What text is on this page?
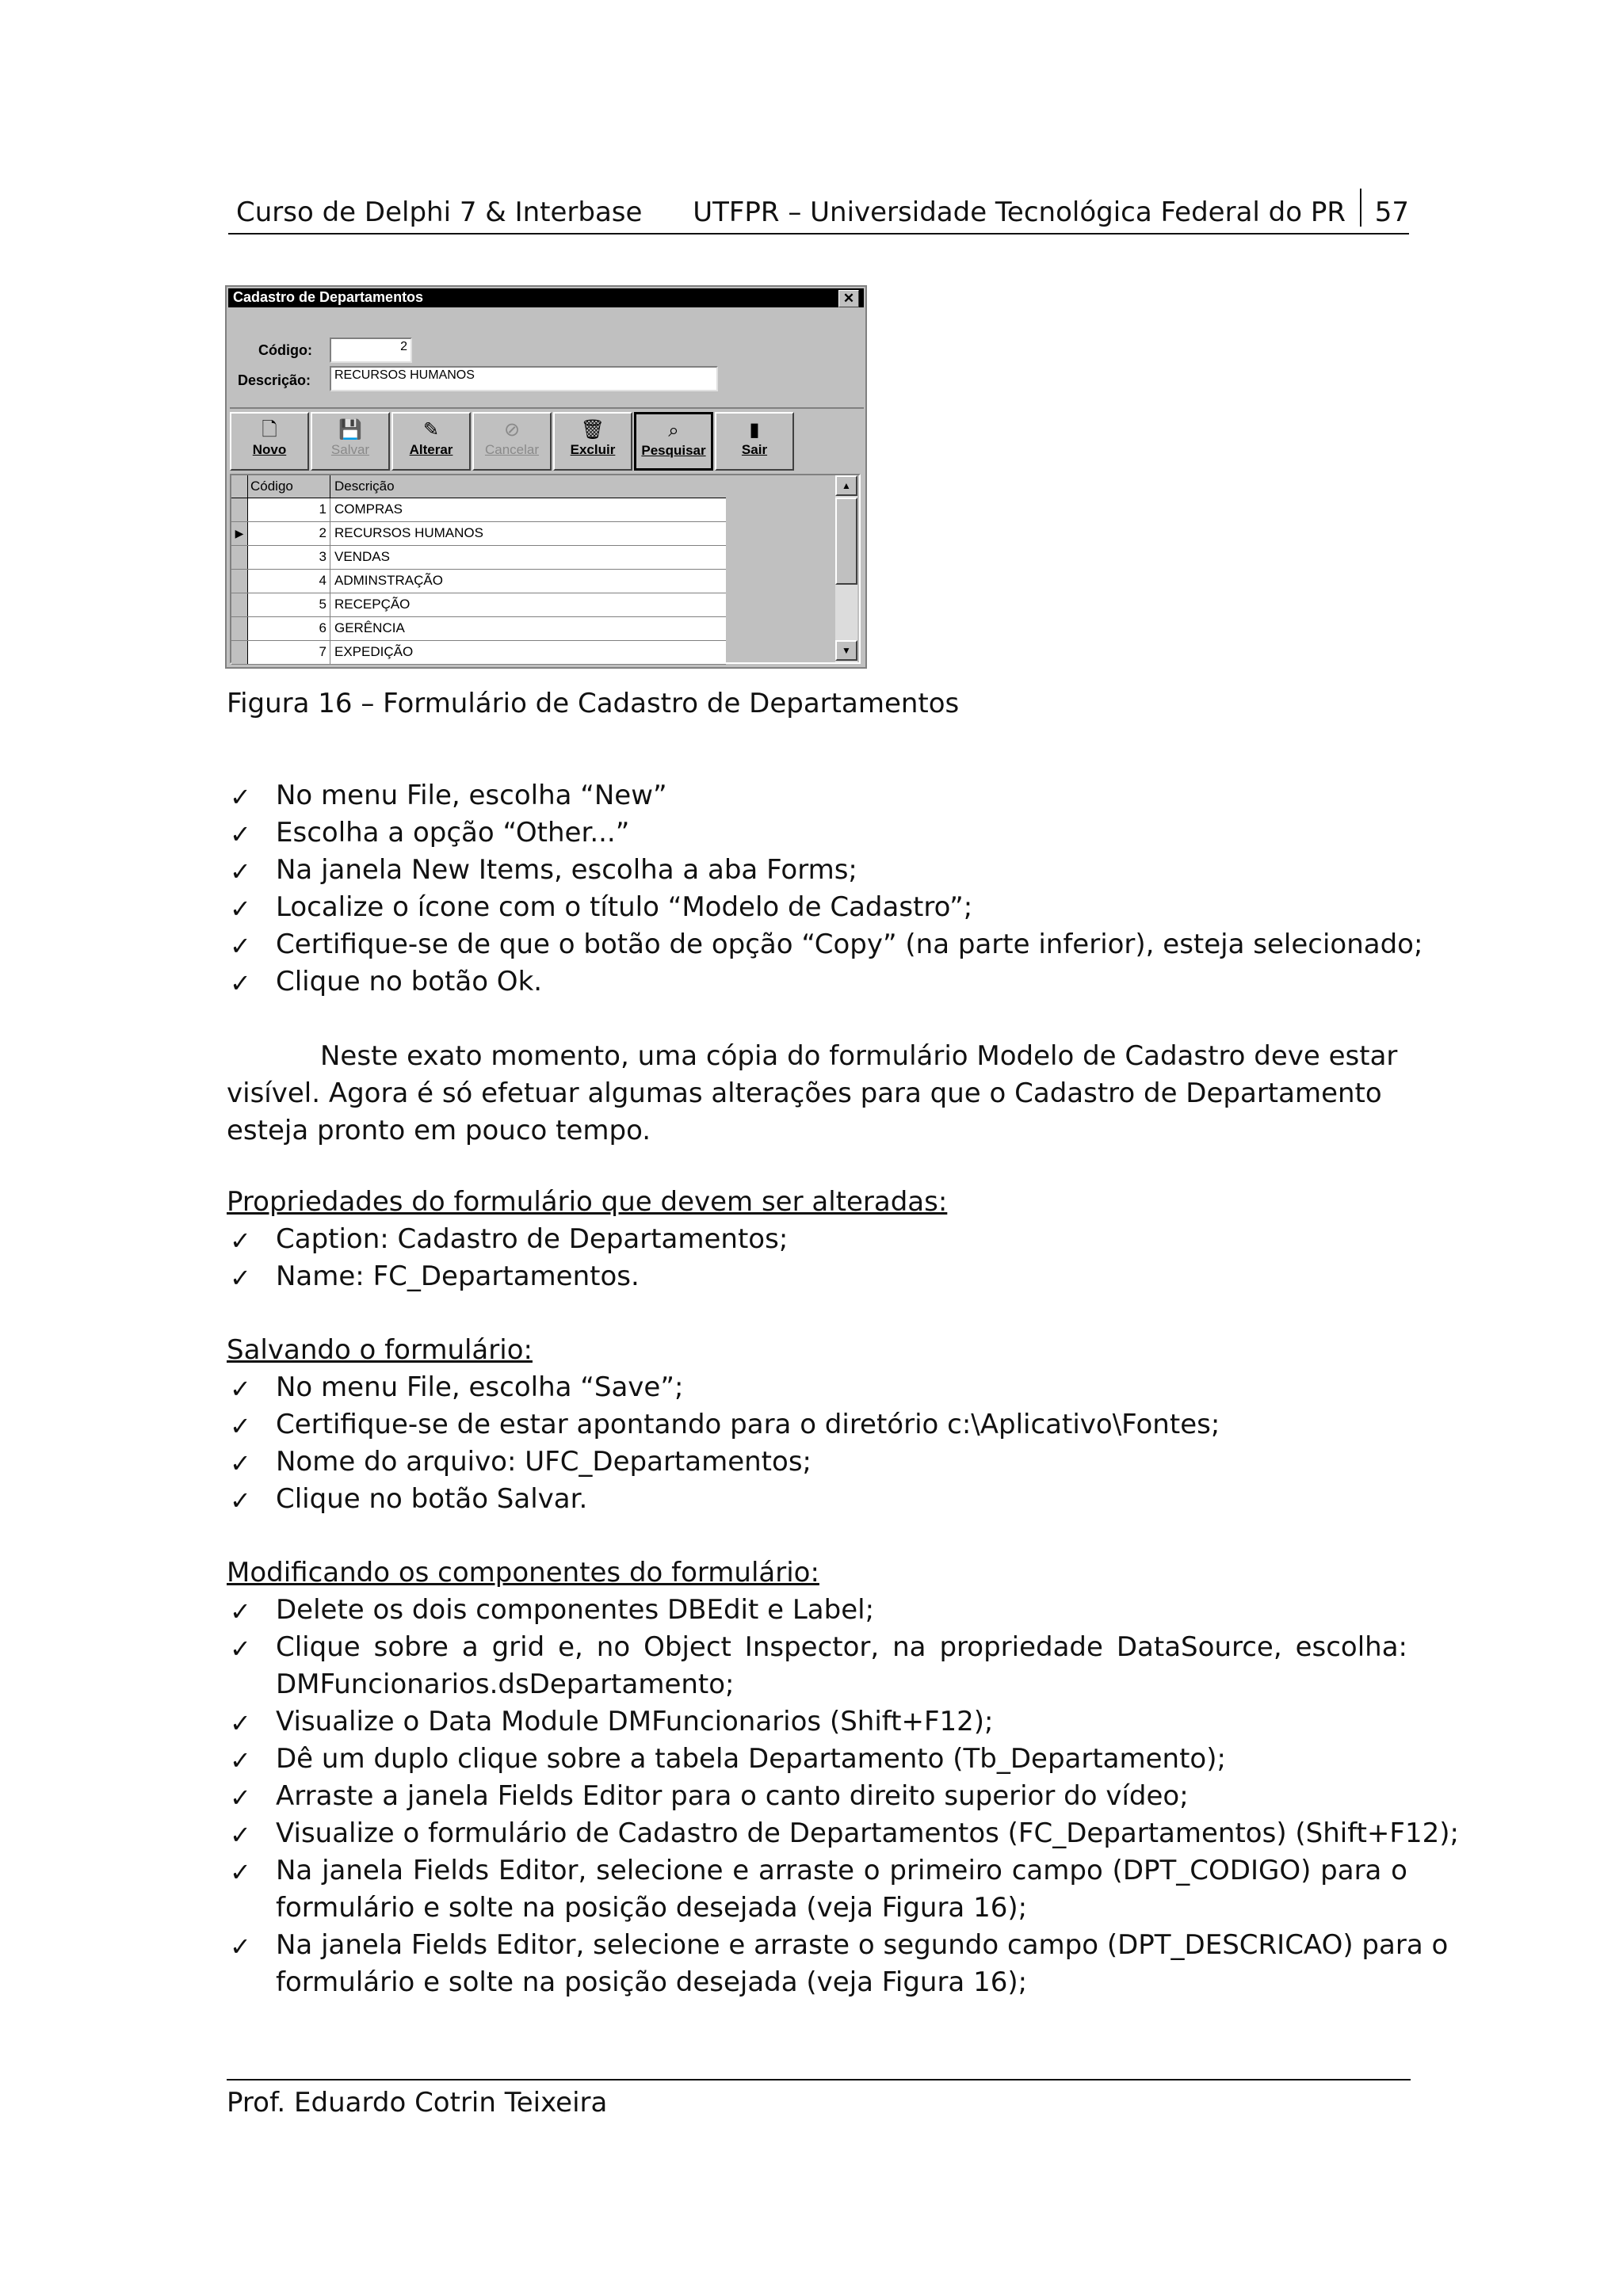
Curso de Delphi 7 & Interbase UTFPR – Universidade Tecnológica Federal do PR 57
Cadastro de Departamentos	✕
Código:	2
Descrição:	RECURSOS HUMANOS
🗋
Novo
💾
Salvar
✎
Alterar
⊘
Cancelar
🗑
Excluir
⌕
Pesquisar
▮
Sair
Código	Descrição
1 COMPRAS
▶	2 RECURSOS HUMANOS
3 VENDAS
4 ADMINSTRAÇÃO
5 RECEPÇÃO
6 GERÊNCIA
7 EXPEDIÇÃO
▲
▼
Figura 16 – Formulário de Cadastro de Departamentos
✓ No menu File, escolha “New”
✓ Escolha a opção “Other...”
✓ Na janela New Items, escolha a aba Forms;
✓ Localize o ícone com o título “Modelo de Cadastro”;
✓ Certifique-se de que o botão de opção “Copy” (na parte inferior), esteja selecionado;
✓ Clique no botão Ok.
Neste exato momento, uma cópia do formulário Modelo de Cadastro deve estar visível. Agora é só efetuar algumas alterações para que o Cadastro de Departamento esteja pronto em pouco tempo.
Propriedades do formulário que devem ser alteradas:
✓ Caption: Cadastro de Departamentos;
✓ Name: FC_Departamentos.
Salvando o formulário:
✓ No menu File, escolha “Save”;
✓ Certifique-se de estar apontando para o diretório c:\Aplicativo\Fontes;
✓ Nome do arquivo: UFC_Departamentos;
✓ Clique no botão Salvar.
Modificando os componentes do formulário:
✓ Delete os dois componentes DBEdit e Label;
✓ Clique sobre a grid e, no Object Inspector, na propriedade DataSource, escolha:
DMFuncionarios.dsDepartamento;
✓ Visualize o Data Module DMFuncionarios (Shift+F12);
✓ Dê um duplo clique sobre a tabela Departamento (Tb_Departamento);
✓ Arraste a janela Fields Editor para o canto direito superior do vídeo;
✓ Visualize o formulário de Cadastro de Departamentos (FC_Departamentos) (Shift+F12);
✓ Na janela Fields Editor, selecione e arraste o primeiro campo (DPT_CODIGO) para o
formulário e solte na posição desejada (veja Figura 16);
✓ Na janela Fields Editor, selecione e arraste o segundo campo (DPT_DESCRICAO) para o
formulário e solte na posição desejada (veja Figura 16);
Prof. Eduardo Cotrin Teixeira
